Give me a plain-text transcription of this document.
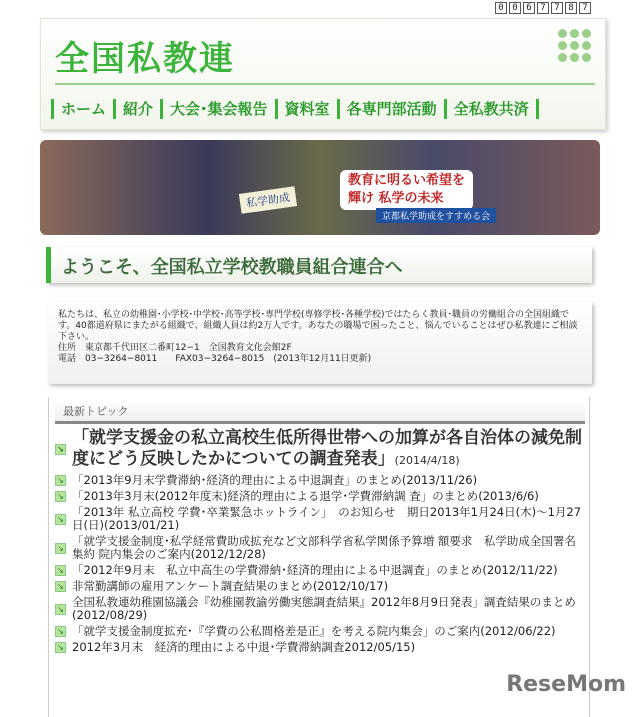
0 0 6 7 7 8 7
全国私教連
ホーム	紹介	大会･集会報告	資料室	各専門部活動	全私教共済
私学助成
教育に明るい希望を
輝け 私学の未来
京都私学助成をすすめる会
ようこそ、全国私立学校教職員組合連合へ
私たちは、私立の幼稚園･小学校･中学校･高等学校･専門学校(専修学校･各種学校)ではたらく教員･職員の労働組合の全国組織です。40都道府県にまたがる組織で、組織人員は約2万人です。あなたの職場で困ったこと、悩んでいることはぜひ私教連にご相談下さい。
住所　東京都千代田区二番町12−1　全国教育文化会館2F
電話　03−3264−8011　　FAX03−3264−8015　(2013年12月11日更新)
最新トピック
↘
「就学支援金の私立高校生低所得世帯への加算が各自治体の減免制度にどう反映したかについての調査発表」(2014/4/18)
↘ 「2013年9月末学費滞納･経済的理由による中退調査」のまとめ(2013/11/26)
↘ 「2013年3月末(2012年度末)経済的理由による退学･学費滞納調 査」のまとめ(2013/6/6)
↘ 「2013年 私立高校 学費･卒業緊急ホットライン」　のお知らせ　期日2013年1月24日(木)〜1月27日(日)(2013/01/21)
↘ 「就学支援金制度･私学経常費助成拡充など文部科学省私学関係予算増 額要求　私学助成全国署名集約 院内集会のご案内(2012/12/28)
↘ 「2012年9月末　私立中高生の学費滞納･経済的理由による中退調査」のまとめ(2012/11/22)
↘ 非常勤講師の雇用アンケート調査結果のまとめ(2012/10/17)
↘ 全国私教連幼稚園協議会『幼稚園教諭労働実態調査結果』2012年8月9日発表」調査結果のまとめ(2012/08/29)
↘ 「就学支援金制度拡充･『学費の公私間格差是正』を考える院内集会」のご案内(2012/06/22)
↘ 2012年3月末　経済的理由による中退･学費滞納調査2012/05/15)
ReseMom
